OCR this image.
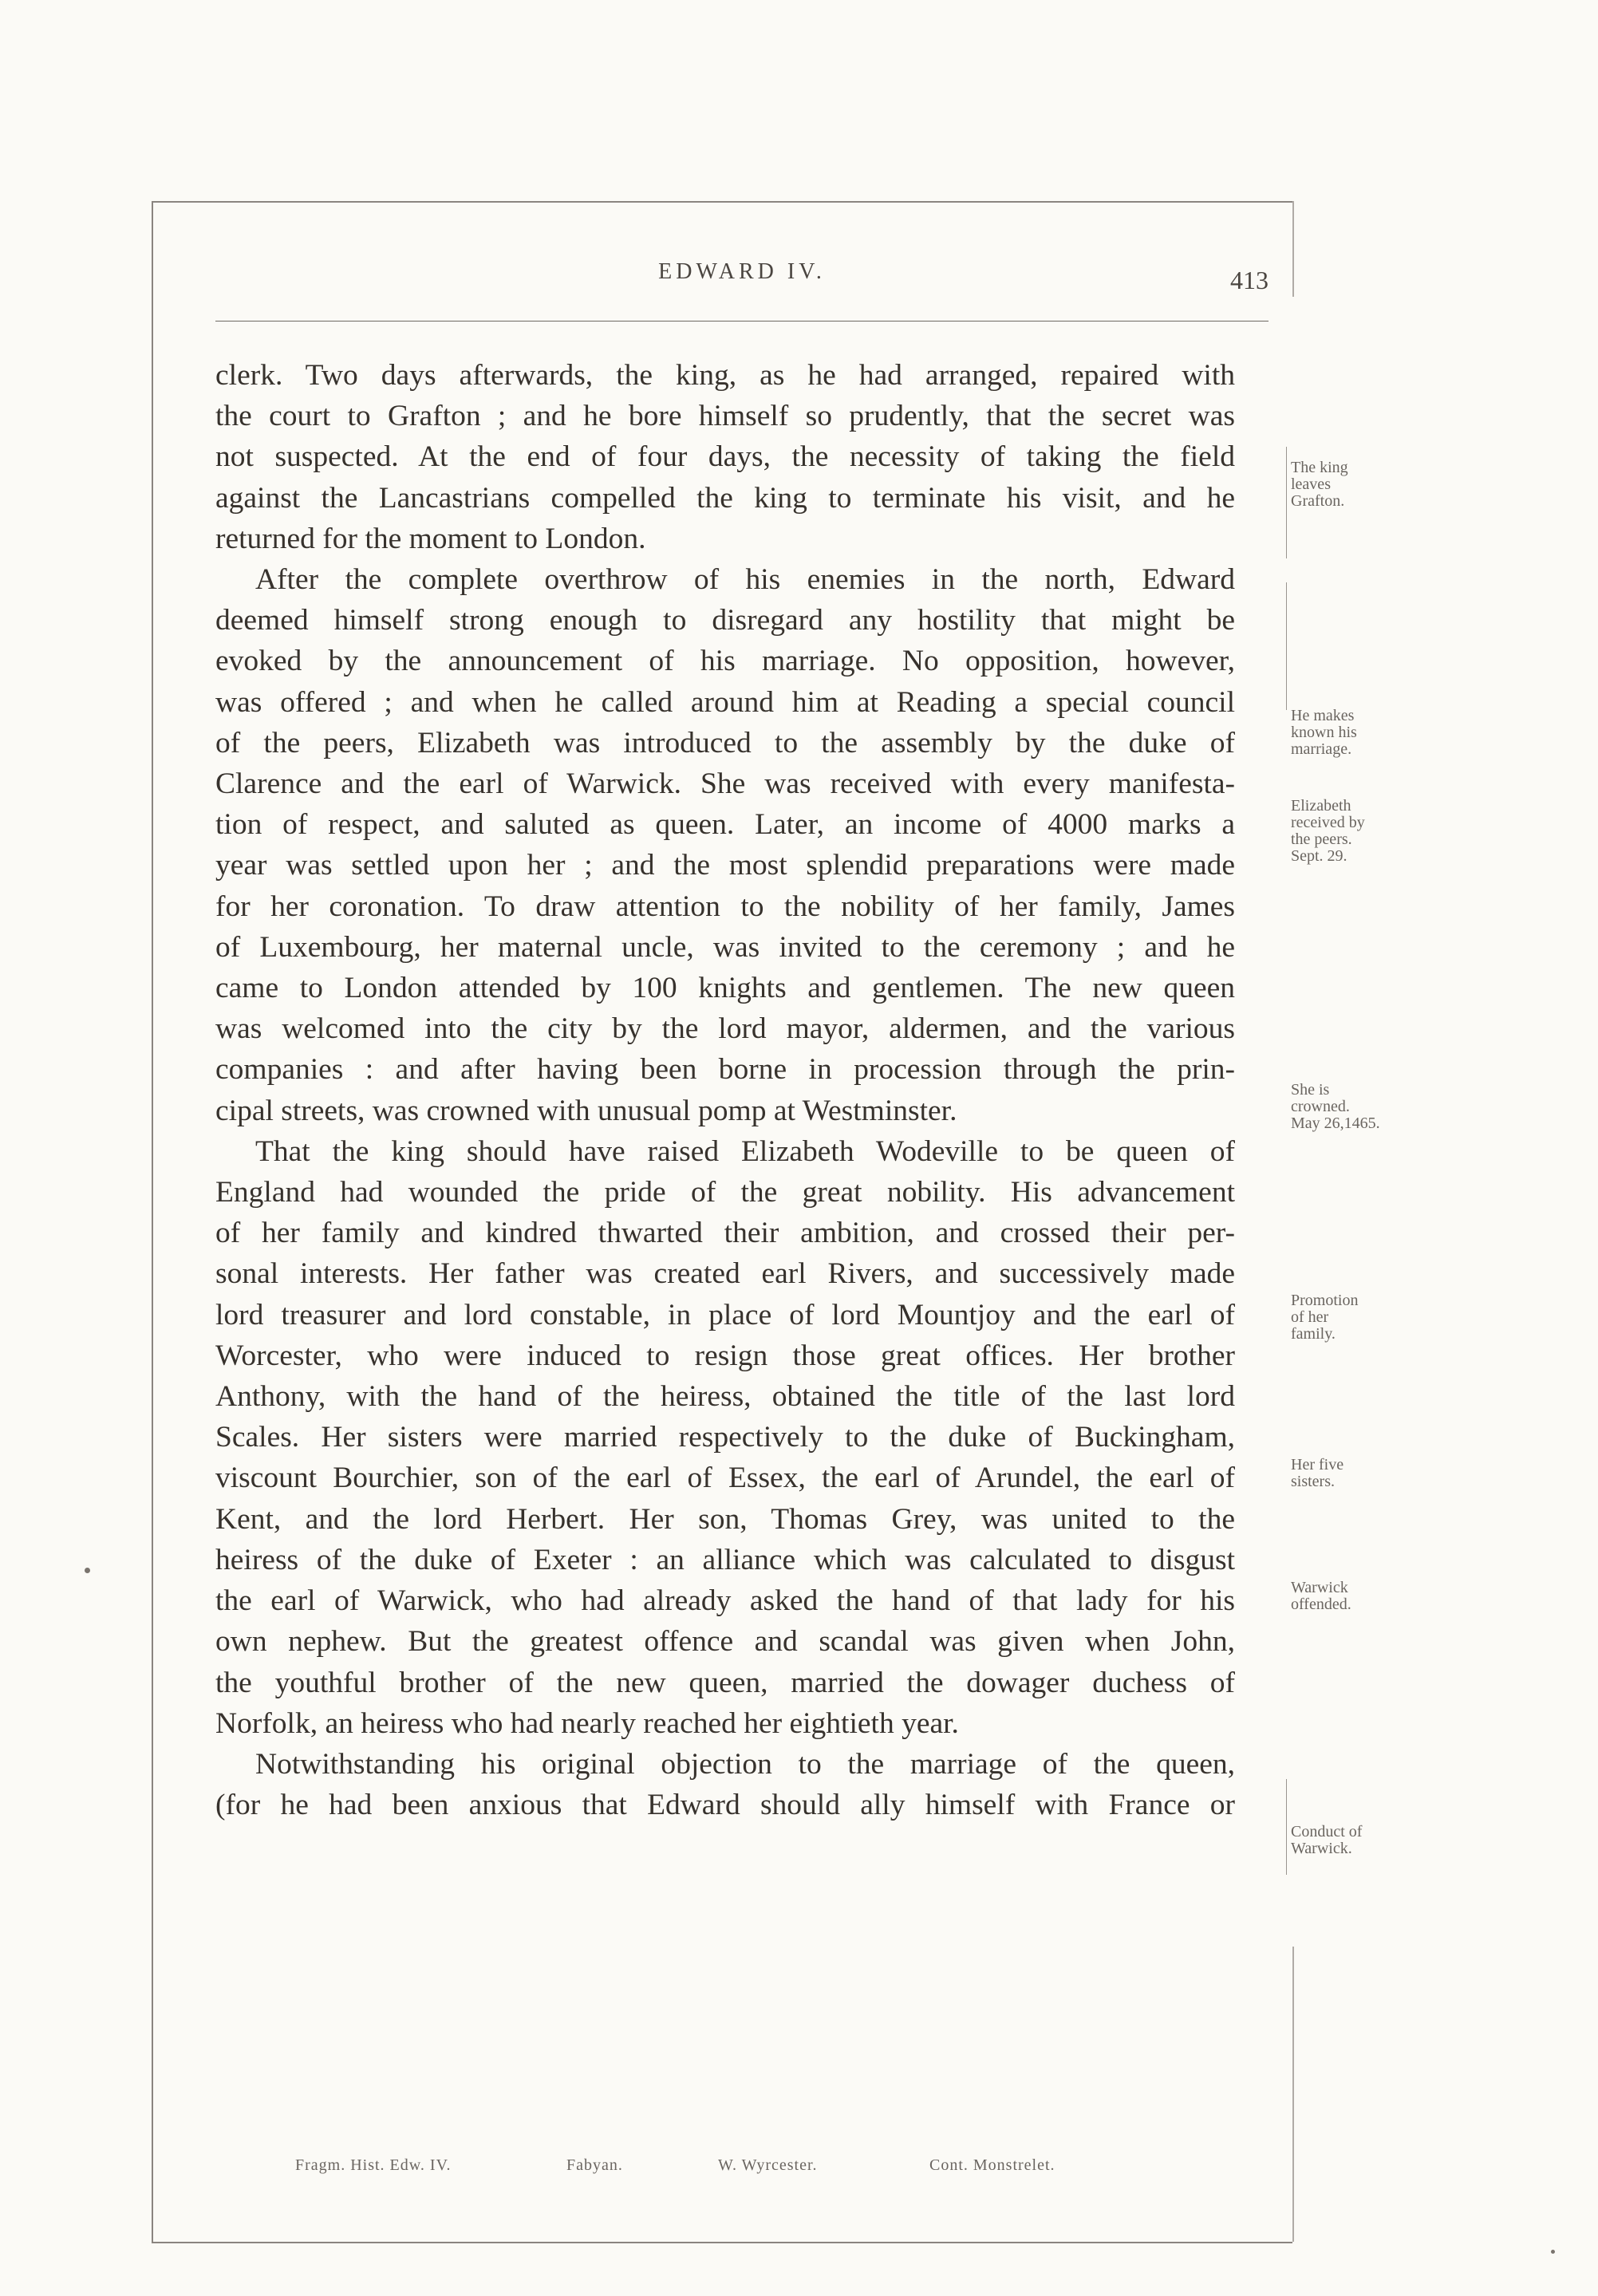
EDWARD IV.	413

clerk. Two days afterwards, the king, as he had arranged, repaired with

the court to Grafton ; and he bore himself so prudently, that the secret was

not suspected. At the end of four days, the necessity of taking the field

against the Lancastrians compelled the king to terminate his visit, and he

returned for the moment to London.

After the complete overthrow of his enemies in the north, Edward

deemed himself strong enough to disregard any hostility that might be

evoked by the announcement of his marriage. No opposition, however,

was offered ; and when he called around him at Reading a special council

of the peers, Elizabeth was introduced to the assembly by the duke of

Clarence and the earl of Warwick. She was received with every manifesta-

tion of respect, and saluted as queen. Later, an income of 4000 marks a

year was settled upon her ; and the most splendid preparations were made

for her coronation. To draw attention to the nobility of her family, James

of Luxembourg, her maternal uncle, was invited to the ceremony ; and he

came to London attended by 100 knights and gentlemen. The new queen

was welcomed into the city by the lord mayor, aldermen, and the various

companies : and after having been borne in procession through the prin-

cipal streets, was crowned with unusual pomp at Westminster.

That the king should have raised Elizabeth Wodeville to be queen of

England had wounded the pride of the great nobility. His advancement

of her family and kindred thwarted their ambition, and crossed their per-

sonal interests. Her father was created earl Rivers, and successively made

lord treasurer and lord constable, in place of lord Mountjoy and the earl of

Worcester, who were induced to resign those great offices. Her brother

Anthony, with the hand of the heiress, obtained the title of the last lord

Scales. Her sisters were married respectively to the duke of Buckingham,

viscount Bourchier, son of the earl of Essex, the earl of Arundel, the earl of

Kent, and the lord Herbert. Her son, Thomas Grey, was united to the

heiress of the duke of Exeter : an alliance which was calculated to disgust

the earl of Warwick, who had already asked the hand of that lady for his

own nephew. But the greatest offence and scandal was given when John,

the youthful brother of the new queen, married the dowager duchess of

Norfolk, an heiress who had nearly reached her eightieth year.

Notwithstanding his original objection to the marriage of the queen,

(for he had been anxious that Edward should ally himself with France or

The king
leaves
Grafton.
He makes
known his
marriage.
Elizabeth
received by
the peers.
Sept. 29.
She is
crowned.
May 26,1465.
Promotion
of her
family.
Her five
sisters.
Warwick
offended.
Conduct of
Warwick.
Fragm. Hist. Edw. IV.	Fabyan.	W. Wyrcester.	Cont. Monstrelet.
